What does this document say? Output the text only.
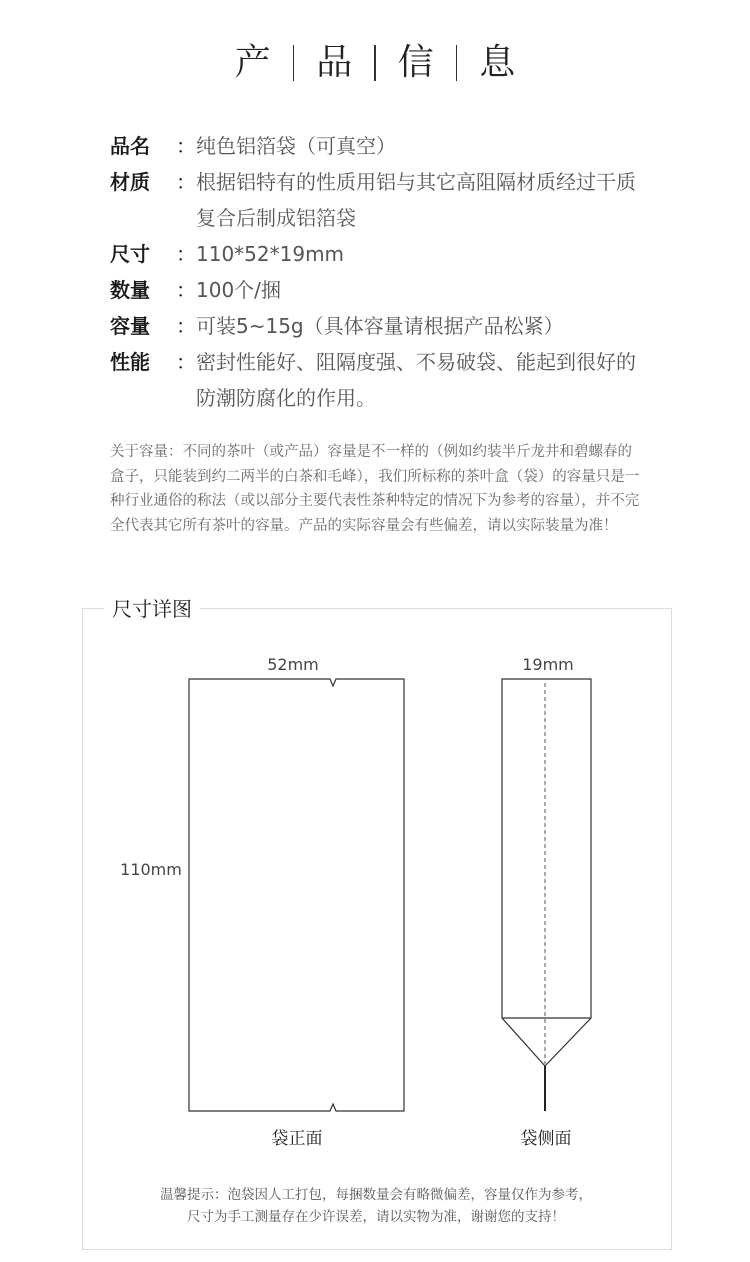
产	品	信	息
品名	： 纯色铝箔袋（可真空）
材质	： 根据铝特有的性质用铝与其它高阻隔材质经过干质复合后制成铝箔袋
尺寸	： 110*52*19mm
数量	： 100个/捆
容量	： 可装5~15g（具体容量请根据产品松紧）
性能	： 密封性能好、阻隔度强、不易破袋、能起到很好的防潮防腐化的作用。
关于容量：不同的茶叶（或产品）容量是不一样的（例如约装半斤龙井和碧螺春的盒子，只能装到约二两半的白茶和毛峰），我们所标称的茶叶盒（袋）的容量只是一种行业通俗的称法（或以部分主要代表性茶种特定的情况下为参考的容量），并不完全代表其它所有茶叶的容量。产品的实际容量会有些偏差，请以实际装量为准！
尺寸详图
52mm
110mm
袋正面
19mm
袋侧面
温馨提示：泡袋因人工打包，每捆数量会有略微偏差，容量仅作为参考，
尺寸为手工测量存在少许误差，请以实物为准，谢谢您的支持！
